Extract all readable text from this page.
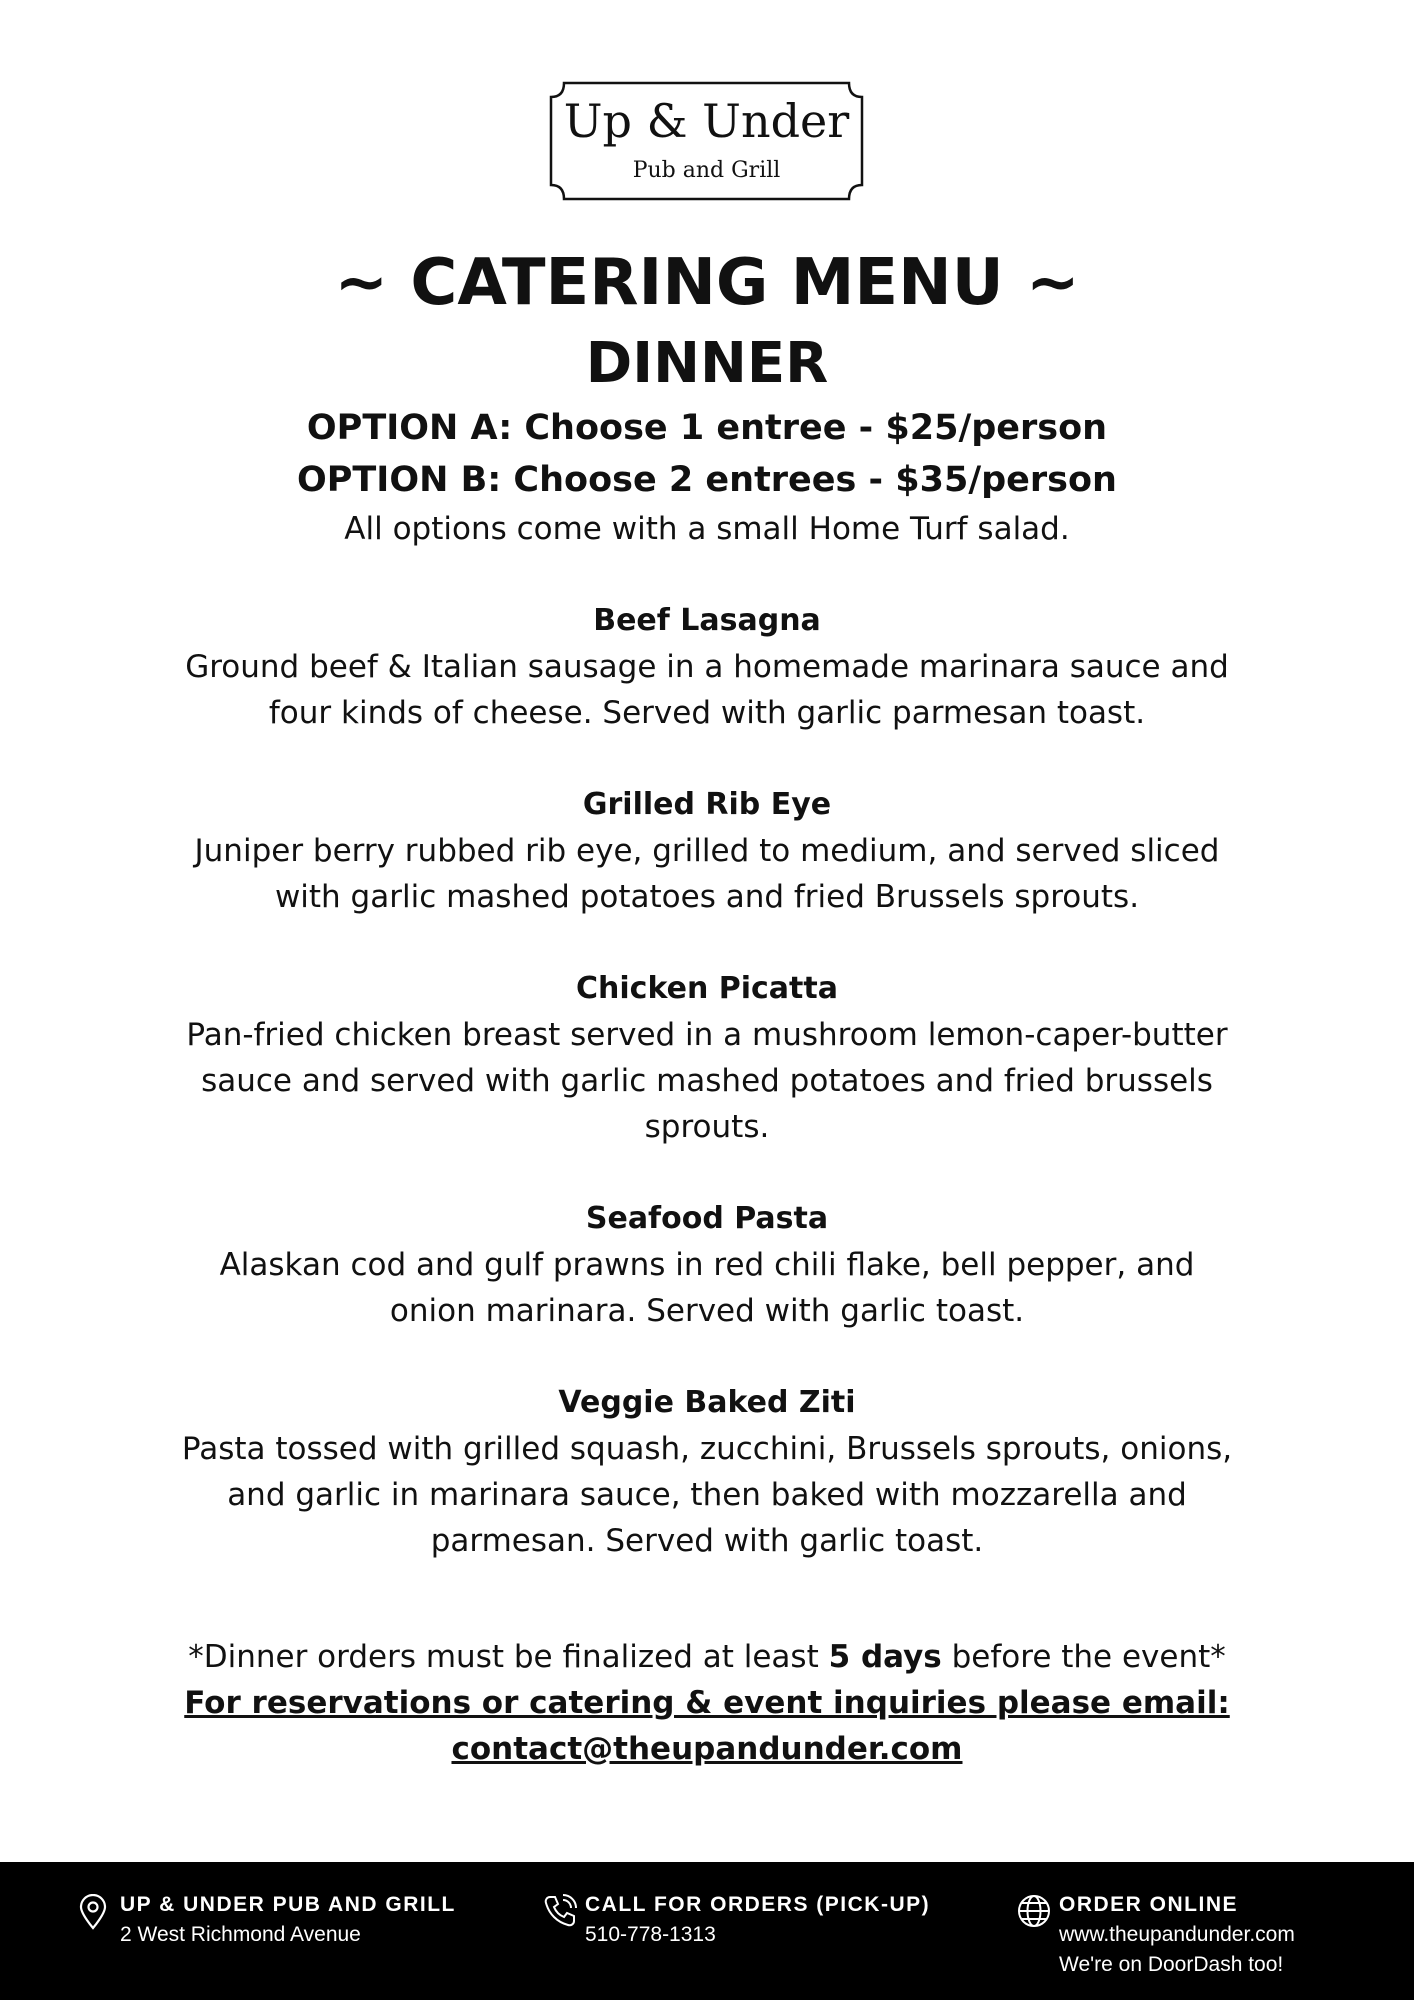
Up & Under
Pub and Grill
~ CATERING MENU ~
DINNER
OPTION A: Choose 1 entree - $25/person
OPTION B: Choose 2 entrees - $35/person
All options come with a small Home Turf salad.
Beef Lasagna
Ground beef & Italian sausage in a homemade marinara sauce and
four kinds of cheese. Served with garlic parmesan toast.
Grilled Rib Eye
Juniper berry rubbed rib eye, grilled to medium, and served sliced
with garlic mashed potatoes and fried Brussels sprouts.
Chicken Picatta
Pan-fried chicken breast served in a mushroom lemon-caper-butter
sauce and served with garlic mashed potatoes and fried brussels
sprouts.
Seafood Pasta
Alaskan cod and gulf prawns in red chili flake, bell pepper, and
onion marinara. Served with garlic toast.
Veggie Baked Ziti
Pasta tossed with grilled squash, zucchini, Brussels sprouts, onions,
and garlic in marinara sauce, then baked with mozzarella and
parmesan. Served with garlic toast.
*Dinner orders must be finalized at least 5 days before the event*
For reservations or catering & event inquiries please email:
contact@theupandunder.com
UP & UNDER PUB AND GRILL
2 West Richmond Avenue
CALL FOR ORDERS (PICK-UP)
510-778-1313
ORDER ONLINE
www.theupandunder.com
We're on DoorDash too!
